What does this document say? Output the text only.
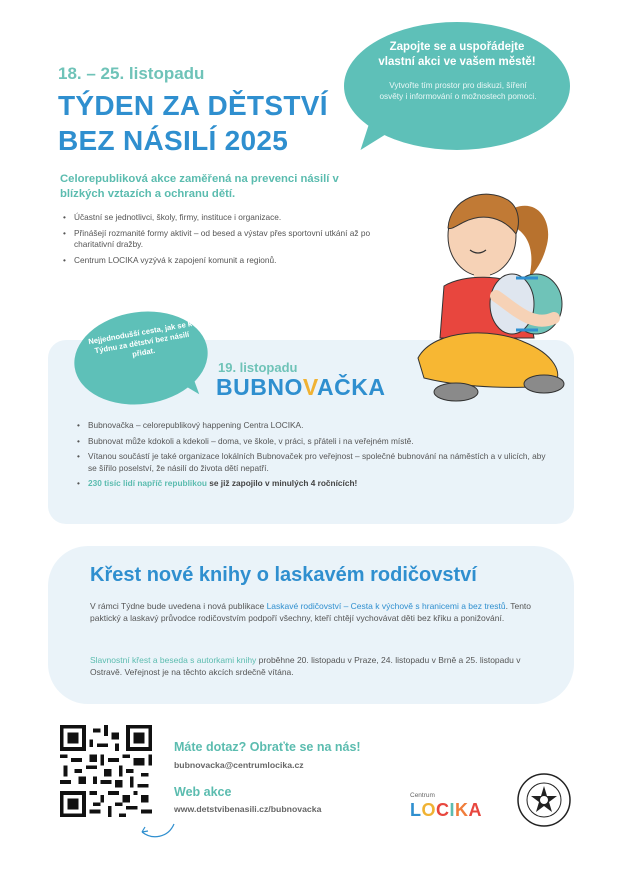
Zapojte se a uspořádejte vlastní akci ve vašem městě!
Vytvořte tím prostor pro diskuzi, šíření osvěty i informování o možnostech pomoci.
18. – 25. listopadu
TÝDEN ZA DĚTSTVÍ
BEZ NÁSILÍ 2025
Celorepubliková akce zaměřená na prevenci násilí v blízkých vztazích a ochranu dětí.
• Účastní se jednotlivci, školy, firmy, instituce i organizace.
• Přinášejí rozmanité formy aktivit – od besed a výstav přes sportovní utkání až po charitativní dražby.
• Centrum LOCIKA vyzývá k zapojení komunit a regionů.
Nejjednodušší cesta, jak se k Týdnu za dětství bez násilí přidat.
19. listopadu
BUBNOVAČKA
• Bubnovačka – celorepublikový happening Centra LOCIKA.
• Bubnovat může kdokoli a kdekoli – doma, ve škole, v práci, s přáteli i na veřejném místě.
• Vítanou součástí je také organizace lokálních Bubnovaček pro veřejnost – společné bubnování na náměstích a v ulicích, aby se šířilo poselství, že násilí do života dětí nepatří.
• 230 tisíc lidí napříč republikou se již zapojilo v minulých 4 ročnících!
Křest nové knihy o laskavém rodičovství
V rámci Týdne bude uvedena i nová publikace Laskavé rodičovství – Cesta k výchově s hranicemi a bez trestů. Tento paktický a laskavý průvodce rodičovstvím podpoří všechny, kteří chtějí vychovávat děti bez křiku a ponižování.
Slavnostní křest a beseda s autorkami knihy proběhne 20. listopadu v Praze, 24. listopadu v Brně a 25. listopadu v Ostravě. Veřejnost je na těchto akcích srdečně vítána.
Máte dotaz? Obraťte se na nás!
bubnovacka@centrumlocika.cz
Web akce
www.detstvibenasili.cz/bubnovacka
Centrum
LOCIKA
